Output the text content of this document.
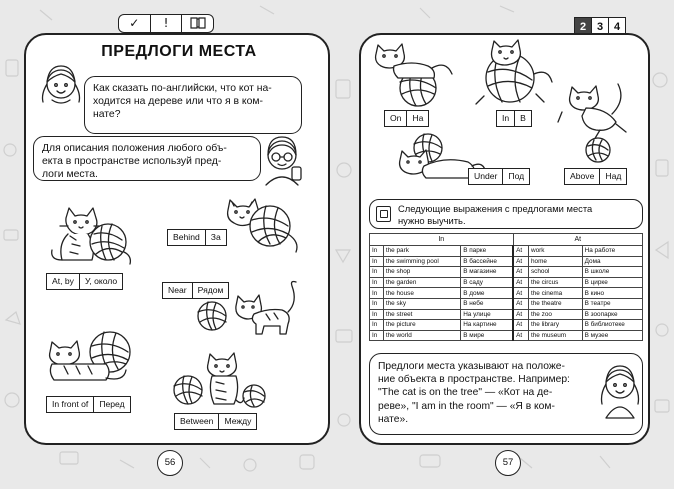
✓	!	2 3 4
ПРЕДЛОГИ МЕСТА
Как сказать по-английски, что кот на-
ходится на дереве или что я в ком-
нате?
Для описания положения любого объ-
екта в пространстве используй пред-
логи места.
At, by	У, около
Behind	За
Near	Рядом
In front of	Перед
Between	Между
56
On	На	In	В
Under	Под	Above	Над
Следующие выражения с предлогами места
нужно выучить.
In			At		
In	the park	В парке	At	work	На работе
In	the swimming pool	В бассейне	At	home	Дома
In	the shop	В магазине	At	school	В школе
In	the garden	В саду	At	the circus	В цирке
In	the house	В доме	At	the cinema	В кино
In	the sky	В небе	At	the theatre	В театре
In	the street	На улице	At	the zoo	В зоопарке
In	the picture	На картине	At	the library	В библиотеке
In	the world	В мире	At	the museum	В музее
Предлоги места указывают на положе-
ние объекта в пространстве. Например:
"The cat is on the tree" — «Кот на де-
реве», "I am in the room" — «Я в ком-
нате».
57
